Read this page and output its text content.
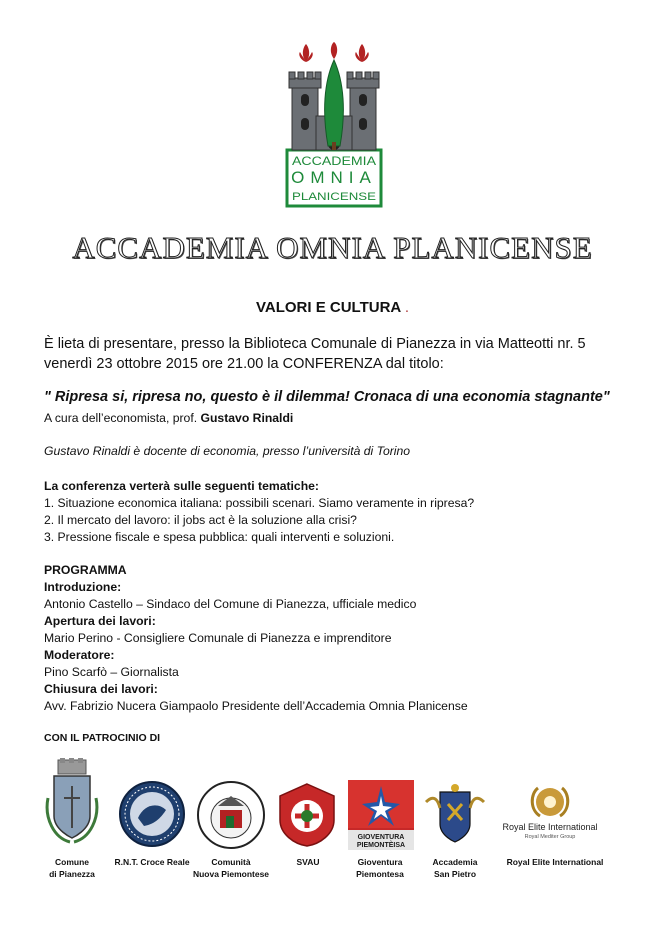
ACCADEMIA
OMNIA
PLANICENSE
ACCADEMIA OMNIA PLANICENSE
VALORI E CULTURA .
È lieta di presentare, presso la Biblioteca Comunale di Pianezza in via Matteotti nr. 5
venerdì 23 ottobre 2015 ore 21.00 la CONFERENZA dal titolo:
" Ripresa si, ripresa no, questo è il dilemma! Cronaca di una economia stagnante"
A cura dell’economista, prof. Gustavo Rinaldi
Gustavo Rinaldi è docente di economia, presso l’università di Torino
La conferenza verterà sulle seguenti tematiche:
1. Situazione economica italiana: possibili scenari. Siamo veramente in ripresa?
2. Il mercato del lavoro: il jobs act è la soluzione alla crisi?
3. Pressione fiscale e spesa pubblica: quali interventi e soluzioni.
PROGRAMMA
Introduzione:
Antonio Castello – Sindaco del Comune di Pianezza, ufficiale medico
Apertura dei lavori:
Mario Perino - Consigliere Comunale di Pianezza e imprenditore
Moderatore:
Pino Scarfò – Giornalista
Chiusura dei lavori:
Avv. Fabrizio Nucera Giampaolo Presidente dell’Accademia Omnia Planicense
CON IL PATROCINIO DI
GIOVENTURA
PIEMONTÈISA
Royal Elite International
Royal Mediter Group
Comune
di Pianezza
R.N.T. Croce Reale	Comunità
Nuova Piemontese
SVAU	Gioventura
Piemontesa
Accademia
San Pietro
Royal Elite International
